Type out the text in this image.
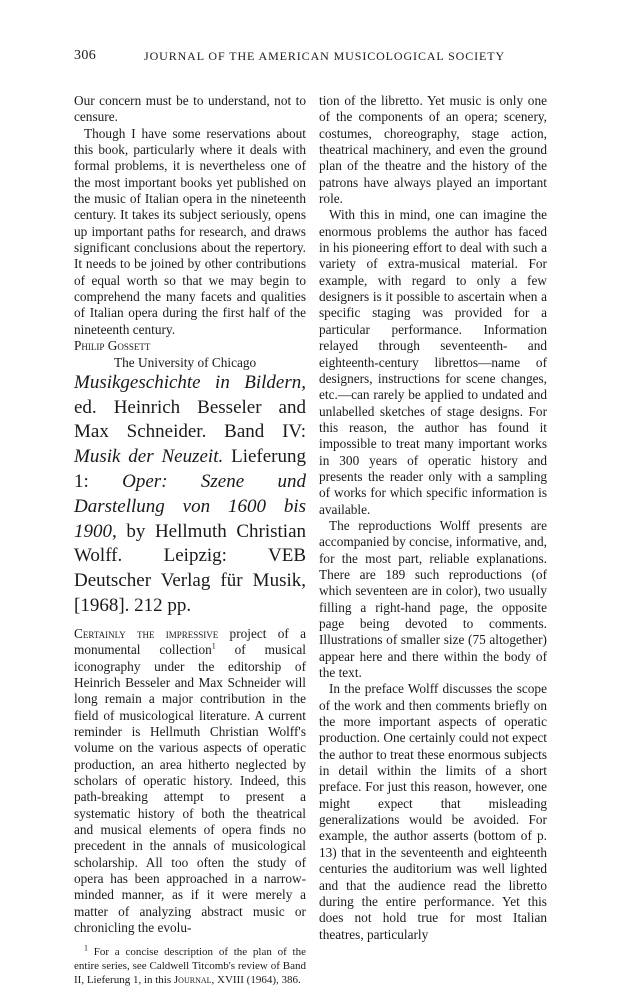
306	JOURNAL OF THE AMERICAN MUSICOLOGICAL SOCIETY

Our concern must be to understand, not to censure.

Though I have some reservations about this book, particularly where it deals with formal problems, it is nevertheless one of the most important books yet published on the music of Italian opera in the nineteenth century. It takes its subject seriously, opens up important paths for research, and draws significant conclusions about the repertory. It needs to be joined by other contributions of equal worth so that we may begin to comprehend the many facets and qualities of Italian opera during the first half of the nineteenth century.

Philip Gossett

The University of Chicago

Musikgeschichte in Bildern, ed. Heinrich Besseler and Max Schneider. Band IV: Musik der Neuzeit. Lieferung 1: Oper: Szene und Darstellung von 1600 bis 1900, by Hellmuth Christian Wolff. Leipzig: VEB Deutscher Verlag für Musik, [1968]. 212 pp.

Certainly the impressive project of a monumental collection$^1$ of musical iconography under the editorship of Heinrich Besseler and Max Schneider will long remain a major contribution in the field of musicological literature. A current reminder is Hellmuth Christian Wolff's volume on the various aspects of operatic production, an area hitherto neglected by scholars of operatic history. Indeed, this path-breaking attempt to present a systematic history of both the theatrical and musical elements of opera finds no precedent in the annals of musicological scholarship. All too often the study of opera has been approached in a narrow-minded manner, as if it were merely a matter of analyzing abstract music or chronicling the evolu-

$^1$ For a concise description of the plan of the entire series, see Caldwell Titcomb's review of Band II, Lieferung 1, in this Journal, XVIII (1964), 386.

tion of the libretto. Yet music is only one of the components of an opera; scenery, costumes, choreography, stage action, theatrical machinery, and even the ground plan of the theatre and the history of the patrons have always played an important role.

With this in mind, one can imagine the enormous problems the author has faced in his pioneering effort to deal with such a variety of extra-musical material. For example, with regard to only a few designers is it possible to ascertain when a specific staging was provided for a particular performance. Information relayed through seventeenth- and eighteenth-century librettos—name of designers, instructions for scene changes, etc.—can rarely be applied to undated and unlabelled sketches of stage designs. For this reason, the author has found it impossible to treat many important works in 300 years of operatic history and presents the reader only with a sampling of works for which specific information is available.

The reproductions Wolff presents are accompanied by concise, informative, and, for the most part, reliable explanations. There are 189 such reproductions (of which seventeen are in color), two usually filling a right-hand page, the opposite page being devoted to comments. Illustrations of smaller size (75 altogether) appear here and there within the body of the text.

In the preface Wolff discusses the scope of the work and then comments briefly on the more important aspects of operatic production. One certainly could not expect the author to treat these enormous subjects in detail within the limits of a short preface. For just this reason, however, one might expect that misleading generalizations would be avoided. For example, the author asserts (bottom of p. 13) that in the seventeenth and eighteenth centuries the auditorium was well lighted and that the audience read the libretto during the entire performance. Yet this does not hold true for most Italian theatres, particularly
